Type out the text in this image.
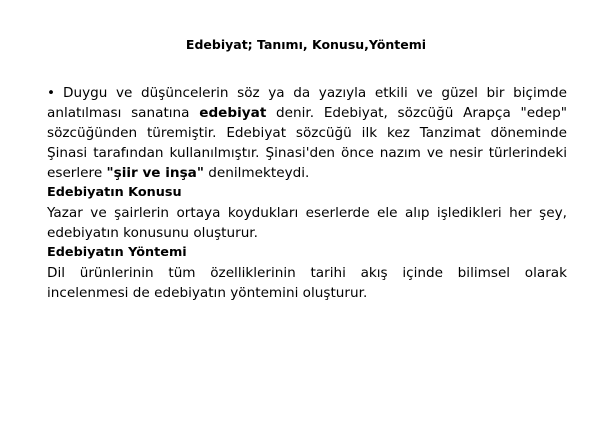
Edebiyat; Tanımı, Konusu,Yöntemi

• Duygu ve düşüncelerin söz ya da yazıyla etkili ve güzel bir biçimde anlatılması sanatına edebiyat denir. Edebiyat, sözcüğü Arapça "edep" sözcüğünden türemiştir. Edebiyat sözcüğü ilk kez Tanzimat döneminde Şinasi tarafından kullanılmıştır. Şinasi'den önce nazım ve nesir türlerindeki eserlere "şiir ve inşa" denilmekteydi.

Edebiyatın Konusu

Yazar ve şairlerin ortaya koydukları eserlerde ele alıp işledikleri her şey, edebiyatın konusunu oluşturur.

Edebiyatın Yöntemi

Dil ürünlerinin tüm özelliklerinin tarihi akış içinde bilimsel olarak incelenmesi de edebiyatın yöntemini oluşturur.
